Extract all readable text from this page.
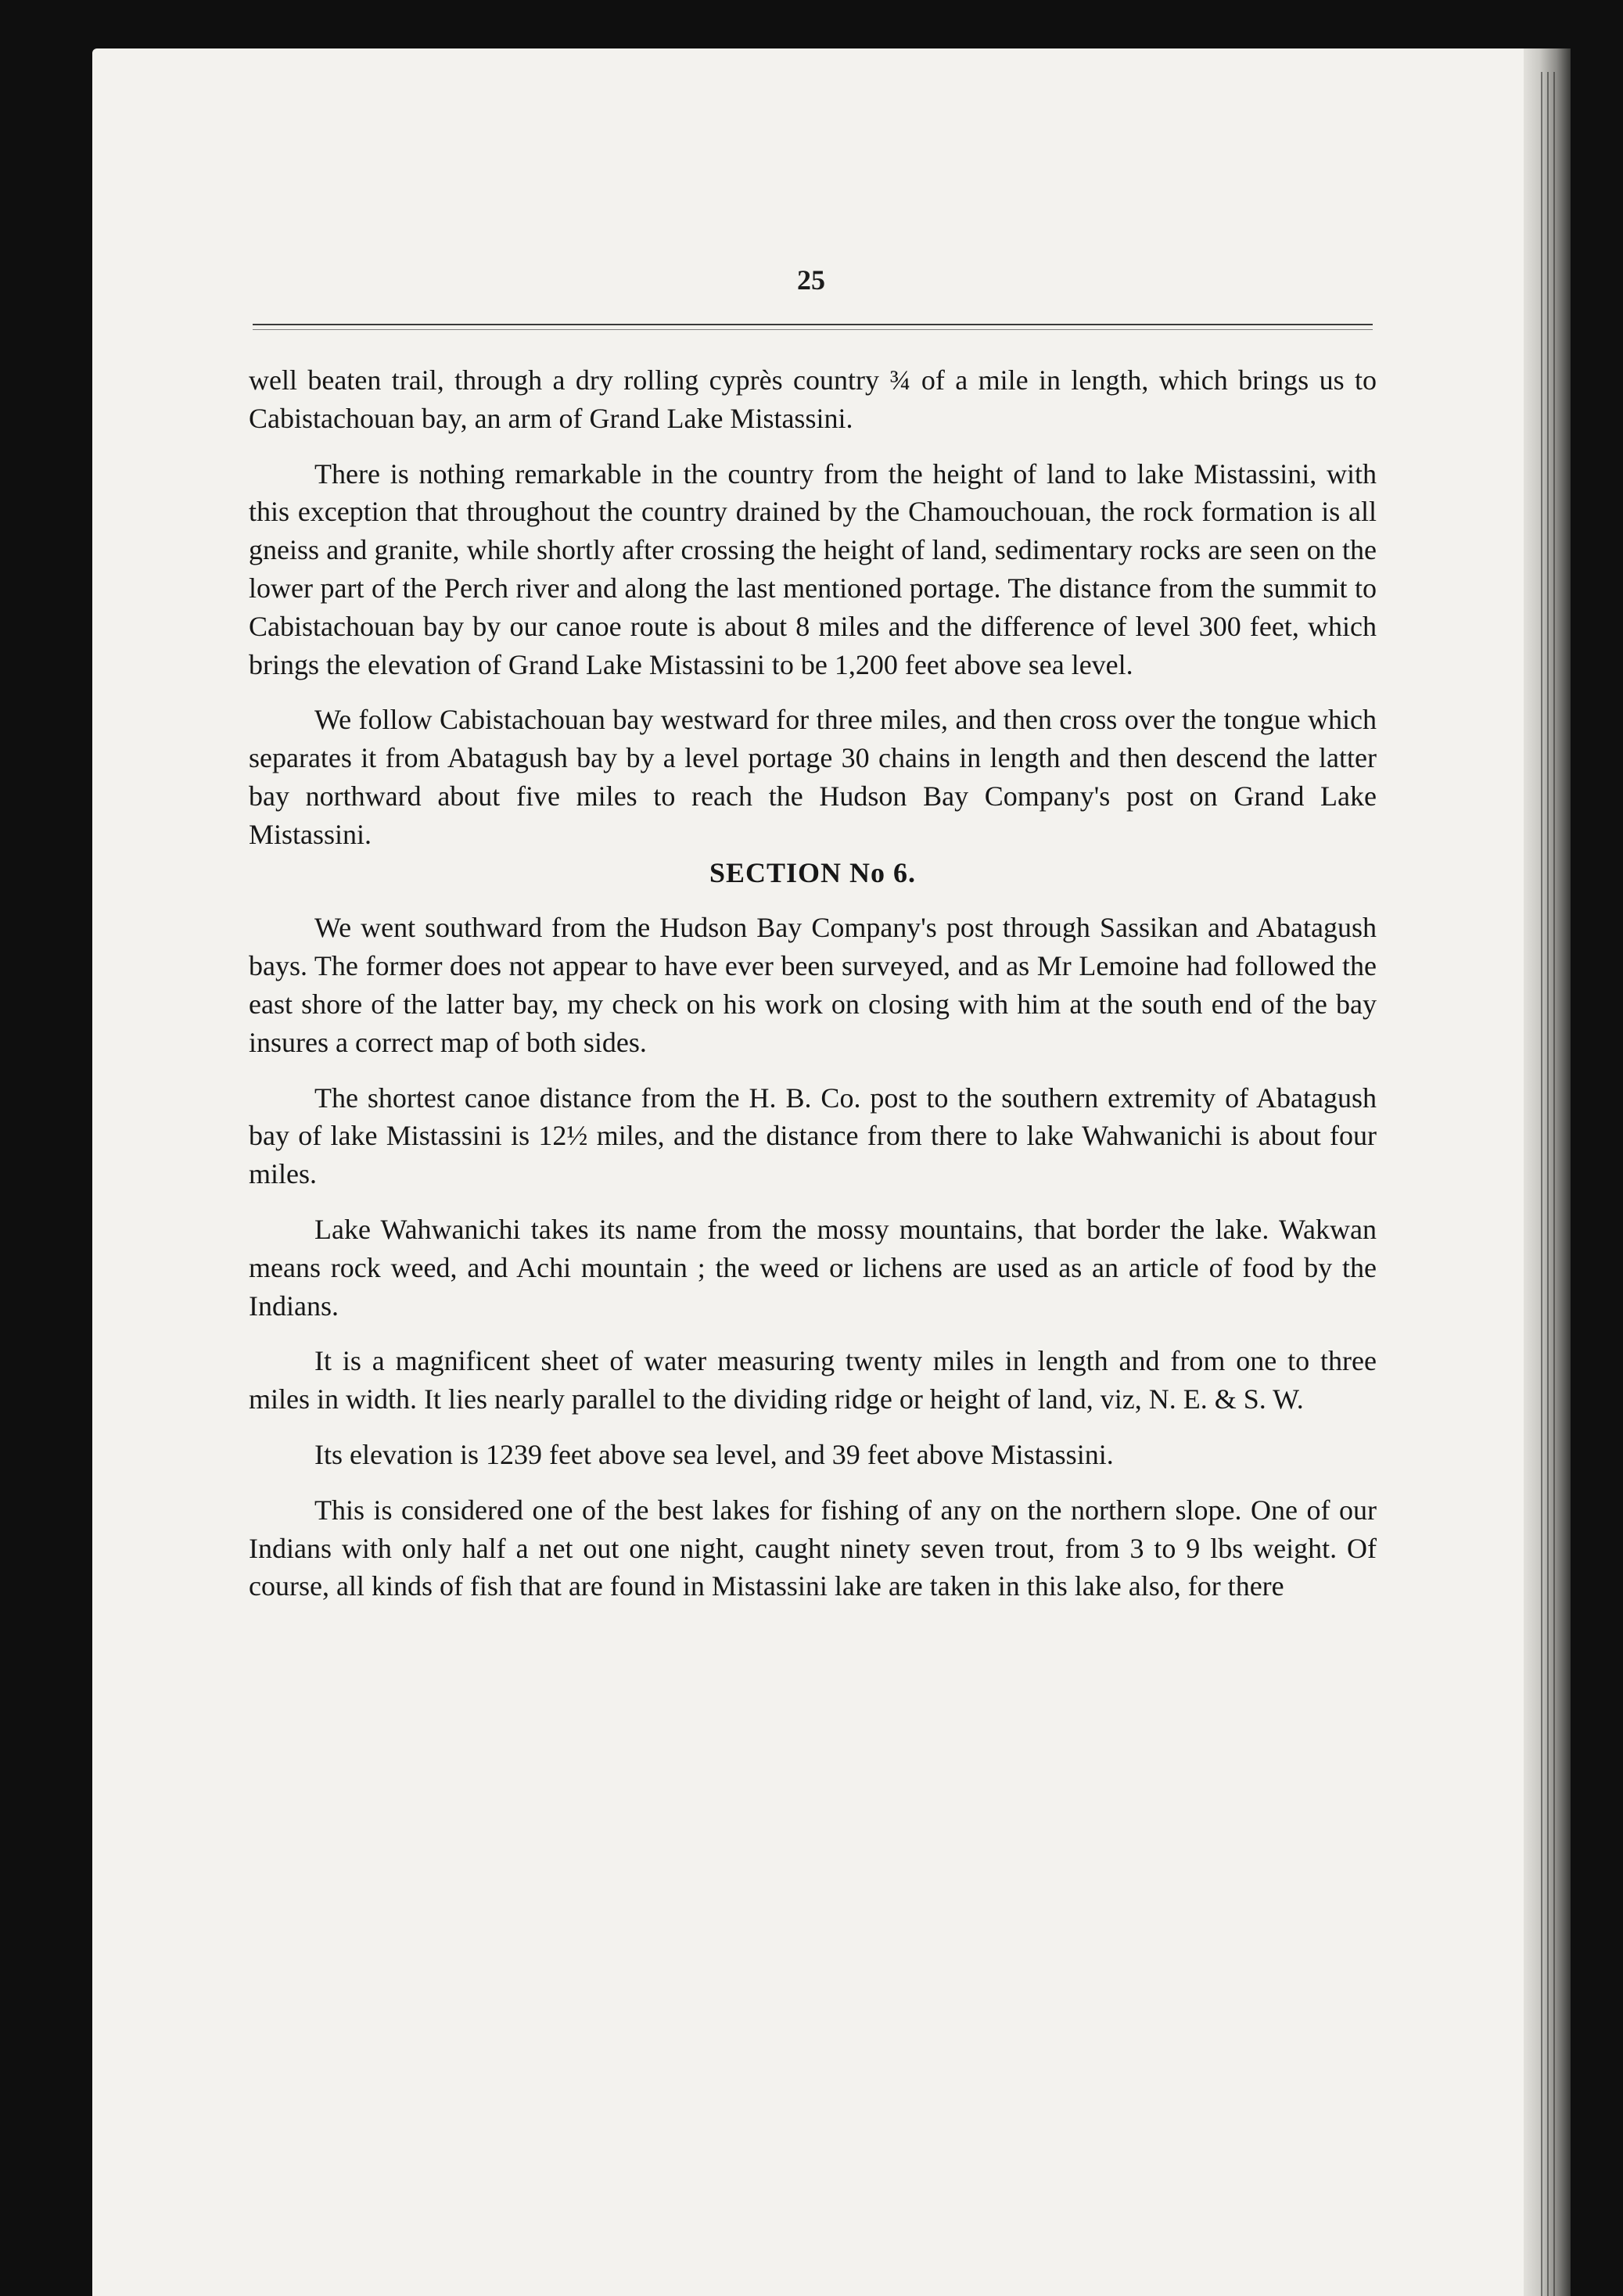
25

well beaten trail, through a dry rolling cyprès country ¾ of a mile in length, which brings us to Cabistachouan bay, an arm of Grand Lake Mistassini.

There is nothing remarkable in the country from the height of land to lake Mistassini, with this exception that throughout the country drained by the Chamouchouan, the rock formation is all gneiss and granite, while shortly after crossing the height of land, sedimentary rocks are seen on the lower part of the Perch river and along the last mentioned portage. The distance from the summit to Cabistachouan bay by our canoe route is about 8 miles and the difference of level 300 feet, which brings the elevation of Grand Lake Mistassini to be 1,200 feet above sea level.

We follow Cabistachouan bay westward for three miles, and then cross over the tongue which separates it from Abatagush bay by a level portage 30 chains in length and then descend the latter bay northward about five miles to reach the Hudson Bay Company's post on Grand Lake Mistassini.

SECTION No 6.

We went southward from the Hudson Bay Company's post through Sassikan and Abatagush bays. The former does not appear to have ever been surveyed, and as Mr Lemoine had followed the east shore of the latter bay, my check on his work on closing with him at the south end of the bay insures a correct map of both sides.

The shortest canoe distance from the H. B. Co. post to the southern extremity of Abatagush bay of lake Mistassini is 12½ miles, and the distance from there to lake Wahwanichi is about four miles.

Lake Wahwanichi takes its name from the mossy mountains, that border the lake. Wakwan means rock weed, and Achi mountain ; the weed or lichens are used as an article of food by the Indians.

It is a magnificent sheet of water measuring twenty miles in length and from one to three miles in width. It lies nearly parallel to the dividing ridge or height of land, viz, N. E. & S. W.

Its elevation is 1239 feet above sea level, and 39 feet above Mistassini.

This is considered one of the best lakes for fishing of any on the northern slope. One of our Indians with only half a net out one night, caught ninety seven trout, from 3 to 9 lbs weight. Of course, all kinds of fish that are found in Mistassini lake are taken in this lake also, for there
